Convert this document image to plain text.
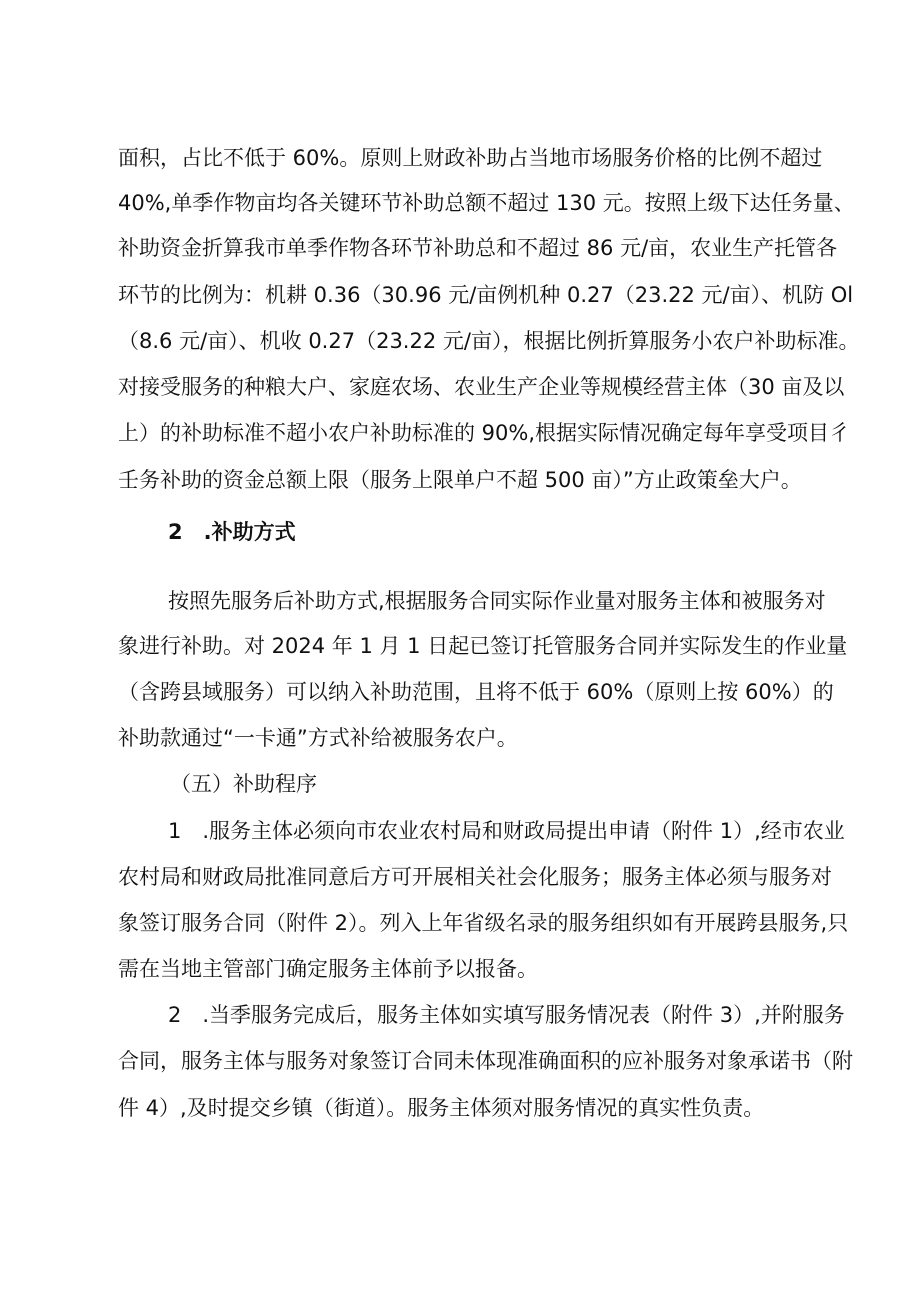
面积，占比不低于 60%。原则上财政补助占当地市场服务价格的比例不超过
40%,单季作物亩均各关键环节补助总额不超过 130 元。按照上级下达任务量、
补助资金折算我市单季作物各环节补助总和不超过 86 元/亩，农业生产托管各
环节的比例为：机耕 0.36（30.96 元/亩例机种 0.27（23.22 元/亩）、机防 Ol
（8.6 元/亩）、机收 0.27（23.22 元/亩），根据比例折算服务小农户补助标准。
对接受服务的种粮大户、家庭农场、农业生产企业等规模经营主体（30 亩及以
上）的补助标准不超小农户补助标准的 90%,根据实际情况确定每年享受项目彳
壬务补助的资金总额上限（服务上限单户不超 500 亩）”方止政策垒大户。
2　.补助方式
按照先服务后补助方式,根据服务合同实际作业量对服务主体和被服务对
象进行补助。对 2024 年 1 月 1 日起已签订托管服务合同并实际发生的作业量
（含跨县域服务）可以纳入补助范围，且将不低于 60%（原则上按 60%）的
补助款通过“一卡通”方式补给被服务农户。
（五）补助程序
1　.服务主体必须向市农业农村局和财政局提出申请（附件 1）,经市农业
农村局和财政局批准同意后方可开展相关社会化服务；服务主体必须与服务对
象签订服务合同（附件 2）。列入上年省级名录的服务组织如有开展跨县服务,只
需在当地主管部门确定服务主体前予以报备。
2　.当季服务完成后，服务主体如实填写服务情况表（附件 3）,并附服务
合同，服务主体与服务对象签订合同未体现准确面积的应补服务对象承诺书（附
件 4）,及时提交乡镇（街道）。服务主体须对服务情况的真实性负责。
